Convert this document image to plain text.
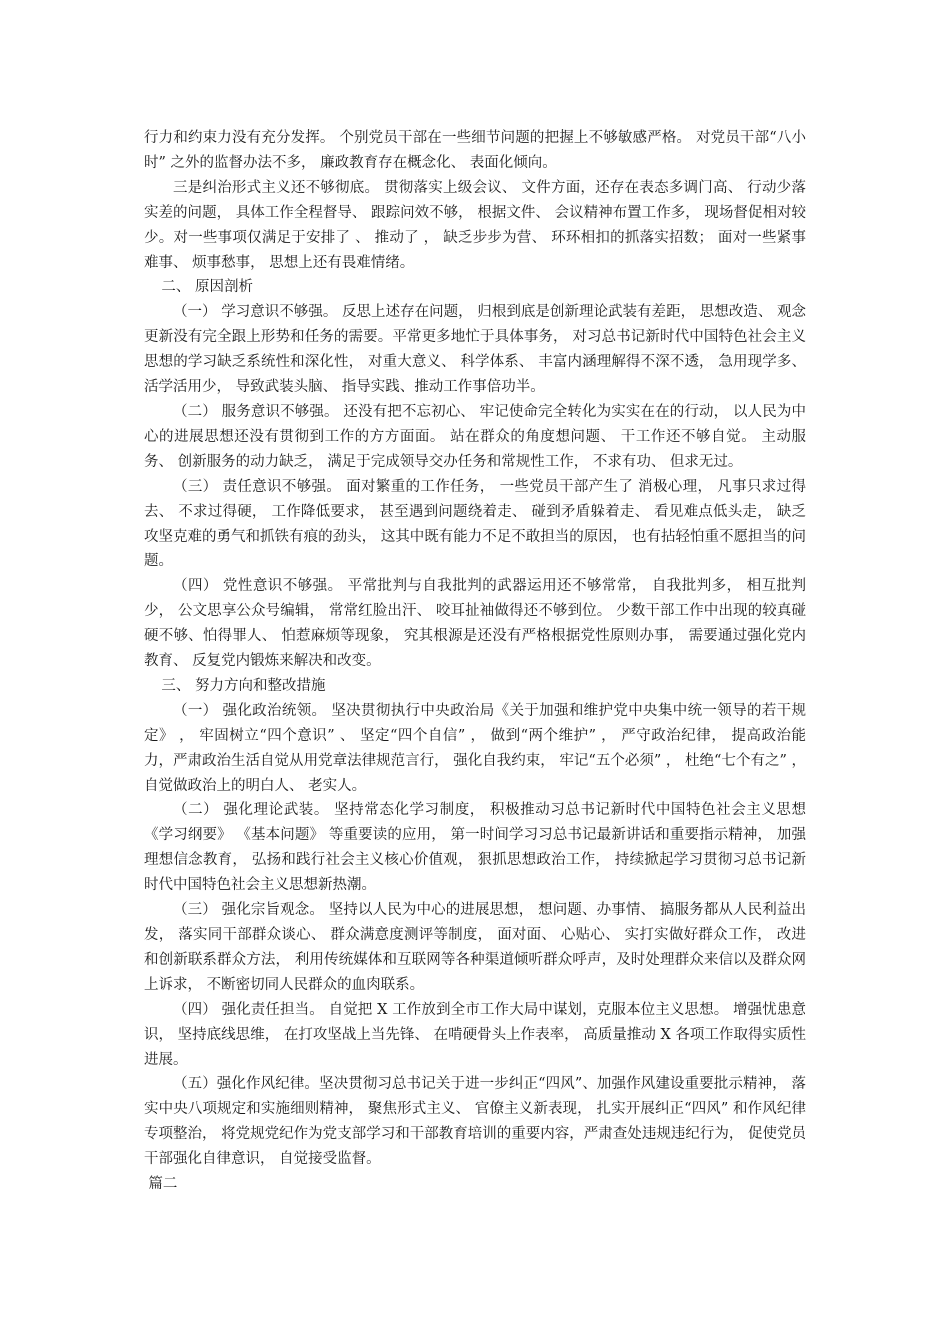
行力和约束力没有充分发挥。 个别党员干部在一些细节问题的把握上不够敏感严格。 对党员干部“八小时” 之外的监督办法不多， 廉政教育存在概念化、 表面化倾向。

三是纠治形式主义还不够彻底。 贯彻落实上级会议、 文件方面，还存在表态多调门高、 行动少落实差的问题， 具体工作全程督导、 跟踪问效不够， 根据文件、 会议精神布置工作多， 现场督促相对较少。对一些事项仅满足于安排了 、 推动了 ， 缺乏步步为营、 环环相扣的抓落实招数； 面对一些紧事难事、 烦事愁事， 思想上还有畏难情绪。

二、 原因剖析

（一） 学习意识不够强。 反思上述存在问题， 归根到底是创新理论武装有差距， 思想改造、 观念更新没有完全跟上形势和任务的需要。平常更多地忙于具体事务， 对习总书记新时代中国特色社会主义思想的学习缺乏系统性和深化性， 对重大意义、 科学体系、 丰富内涵理解得不深不透， 急用现学多、 活学活用少， 导致武装头脑、 指导实践、推动工作事倍功半。

（二） 服务意识不够强。 还没有把不忘初心、 牢记使命完全转化为实实在在的行动， 以人民为中心的进展思想还没有贯彻到工作的方方面面。 站在群众的角度想问题、 干工作还不够自觉。 主动服务、 创新服务的动力缺乏， 满足于完成领导交办任务和常规性工作， 不求有功、 但求无过。

（三） 责任意识不够强。 面对繁重的工作任务， 一些党员干部产生了 消极心理， 凡事只求过得去、 不求过得硬， 工作降低要求， 甚至遇到问题绕着走、 碰到矛盾躲着走、 看见难点低头走， 缺乏攻坚克难的勇气和抓铁有痕的劲头， 这其中既有能力不足不敢担当的原因， 也有拈轻怕重不愿担当的问题。

（四） 党性意识不够强。 平常批判与自我批判的武器运用还不够常常， 自我批判多， 相互批判少， 公文思享公众号编辑， 常常红脸出汗、 咬耳扯袖做得还不够到位。 少数干部工作中出现的较真碰硬不够、怕得罪人、 怕惹麻烦等现象， 究其根源是还没有严格根据党性原则办事， 需要通过强化党内教育、 反复党内锻炼来解决和改变。

三、 努力方向和整改措施

（一） 强化政治统领。 坚决贯彻执行中央政治局《关于加强和维护党中央集中统一领导的若干规定》 ， 牢固树立“四个意识” 、 坚定“四个自信” ， 做到“两个维护” ， 严守政治纪律， 提高政治能力，严肃政治生活自觉从用党章法律规范言行， 强化自我约束， 牢记“五个必须” ， 杜绝“七个有之” ， 自觉做政治上的明白人、 老实人。

（二） 强化理论武装。 坚持常态化学习制度， 积极推动习总书记新时代中国特色社会主义思想《学习纲要》 《基本问题》 等重要读的应用， 第一时间学习习总书记最新讲话和重要指示精神， 加强理想信念教育， 弘扬和践行社会主义核心价值观， 狠抓思想政治工作， 持续掀起学习贯彻习总书记新时代中国特色社会主义思想新热潮。

（三） 强化宗旨观念。 坚持以人民为中心的进展思想， 想问题、办事情、 搞服务都从人民利益出发， 落实同干部群众谈心、 群众满意度测评等制度， 面对面、 心贴心、 实打实做好群众工作， 改进和创新联系群众方法， 利用传统媒体和互联网等各种渠道倾听群众呼声，及时处理群众来信以及群众网上诉求， 不断密切同人民群众的血肉联系。

（四） 强化责任担当。 自觉把 X 工作放到全市工作大局中谋划，克服本位主义思想。 增强忧患意识， 坚持底线思维， 在打攻坚战上当先锋、 在啃硬骨头上作表率， 高质量推动 X 各项工作取得实质性进展。

（五）强化作风纪律。坚决贯彻习总书记关于进一步纠正“四风”、加强作风建设重要批示精神， 落实中央八项规定和实施细则精神， 聚焦形式主义、 官僚主义新表现， 扎实开展纠正“四风” 和作风纪律专项整治， 将党规党纪作为党支部学习和干部教育培训的重要内容，严肃查处违规违纪行为， 促使党员干部强化自律意识， 自觉接受监督。

篇二
